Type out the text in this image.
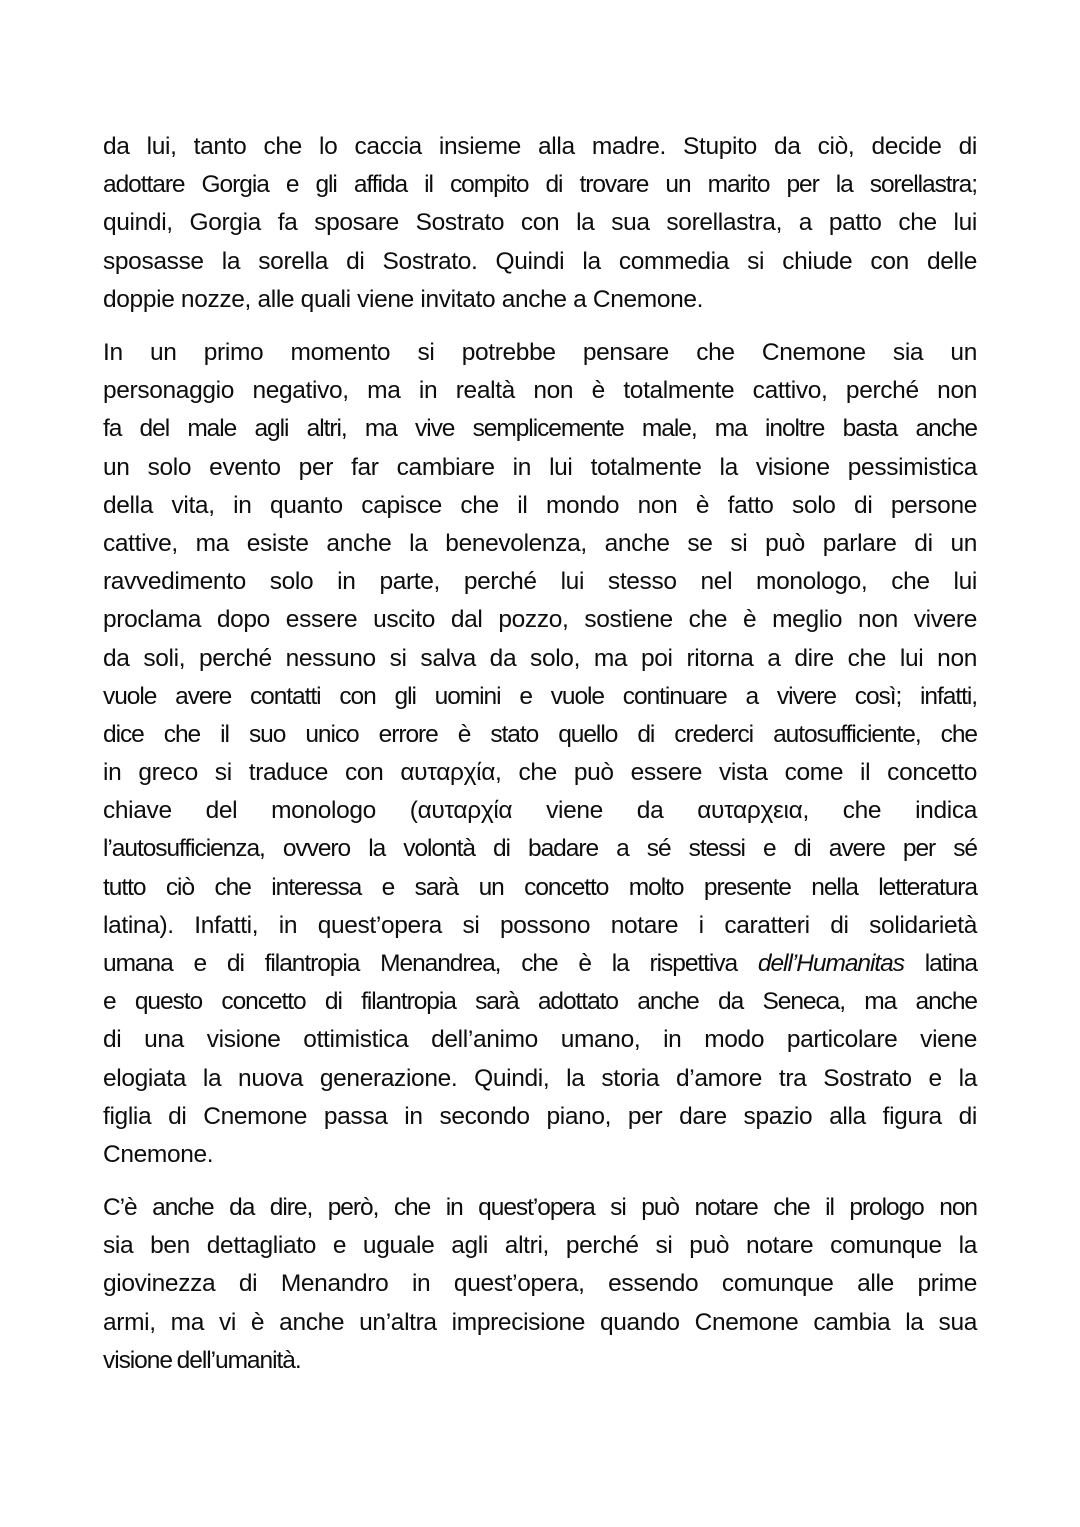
da lui, tanto che lo caccia insieme alla madre. Stupito da ciò, decide di
adottare Gorgia e gli affida il compito di trovare un marito per la sorellastra;
quindi, Gorgia fa sposare Sostrato con la sua sorellastra, a patto che lui
sposasse la sorella di Sostrato. Quindi la commedia si chiude con delle
doppie nozze, alle quali viene invitato anche a Cnemone.
In un primo momento si potrebbe pensare che Cnemone sia un
personaggio negativo, ma in realtà non è totalmente cattivo, perché non
fa del male agli altri, ma vive semplicemente male, ma inoltre basta anche
un solo evento per far cambiare in lui totalmente la visione pessimistica
della vita, in quanto capisce che il mondo non è fatto solo di persone
cattive, ma esiste anche la benevolenza, anche se si può parlare di un
ravvedimento solo in parte, perché lui stesso nel monologo, che lui
proclama dopo essere uscito dal pozzo, sostiene che è meglio non vivere
da soli, perché nessuno si salva da solo, ma poi ritorna a dire che lui non
vuole avere contatti con gli uomini e vuole continuare a vivere così; infatti,
dice che il suo unico errore è stato quello di crederci autosufficiente, che
in greco si traduce con αυταρχία, che può essere vista come il concetto
chiave del monologo (αυταρχία viene da αυταρχεια, che indica
l’autosufficienza, ovvero la volontà di badare a sé stessi e di avere per sé
tutto ciò che interessa e sarà un concetto molto presente nella letteratura
latina). Infatti, in quest’opera si possono notare i caratteri di solidarietà
umana e di filantropia Menandrea, che è la rispettiva dell’Humanitas latina
e questo concetto di filantropia sarà adottato anche da Seneca, ma anche
di una visione ottimistica dell’animo umano, in modo particolare viene
elogiata la nuova generazione. Quindi, la storia d’amore tra Sostrato e la
figlia di Cnemone passa in secondo piano, per dare spazio alla figura di
Cnemone.
C’è anche da dire, però, che in quest’opera si può notare che il prologo non
sia ben dettagliato e uguale agli altri, perché si può notare comunque la
giovinezza di Menandro in quest’opera, essendo comunque alle prime
armi, ma vi è anche un’altra imprecisione quando Cnemone cambia la sua
visione dell’umanità.
